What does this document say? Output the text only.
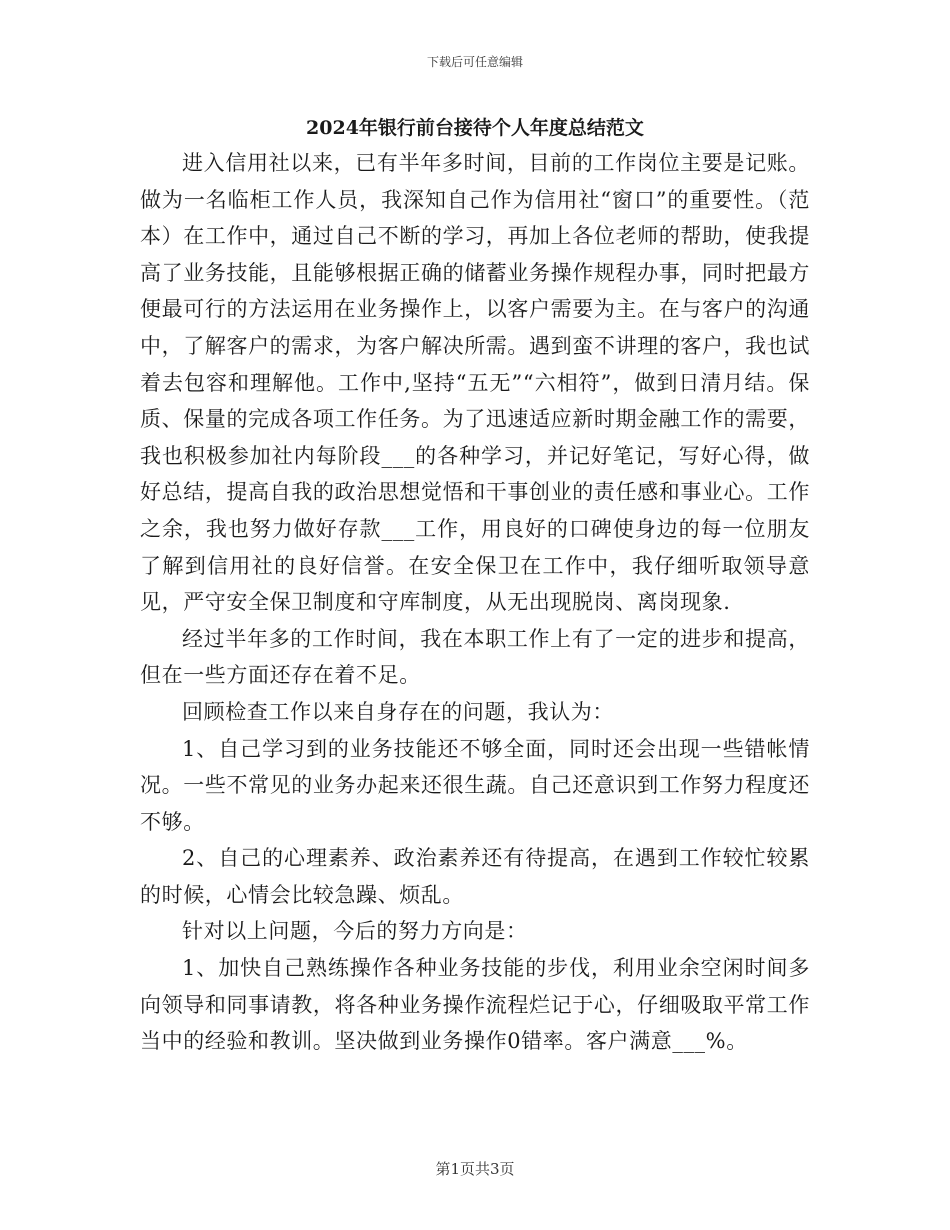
下载后可任意编辑
2024年银行前台接待个人年度总结范文

进入信用社以来，已有半年多时间，目前的工作岗位主要是记账。做为一名临柜工作人员，我深知自己作为信用社“窗口”的重要性。（范本）在工作中，通过自己不断的学习，再加上各位老师的帮助，使我提高了业务技能，且能够根据正确的储蓄业务操作规程办事，同时把最方便最可行的方法运用在业务操作上，以客户需要为主。在与客户的沟通中，了解客户的需求，为客户解决所需。遇到蛮不讲理的客户，我也试着去包容和理解他。工作中,坚持“五无”“六相符”，做到日清月结。保质、保量的完成各项工作任务。为了迅速适应新时期金融工作的需要，我也积极参加社内每阶段___的各种学习，并记好笔记，写好心得，做好总结，提高自我的政治思想觉悟和干事创业的责任感和事业心。工作之余，我也努力做好存款___工作，用良好的口碑使身边的每一位朋友了解到信用社的良好信誉。在安全保卫在工作中，我仔细听取领导意见，严守安全保卫制度和守库制度，从无出现脱岗、离岗现象.

经过半年多的工作时间，我在本职工作上有了一定的进步和提高，但在一些方面还存在着不足。

回顾检查工作以来自身存在的问题，我认为：

1、自己学习到的业务技能还不够全面，同时还会出现一些错帐情况。一些不常见的业务办起来还很生蔬。自己还意识到工作努力程度还不够。

2、自己的心理素养、政治素养还有待提高，在遇到工作较忙较累的时候，心情会比较急躁、烦乱。

针对以上问题，今后的努力方向是：

1、加快自己熟练操作各种业务技能的步伐，利用业余空闲时间多向领导和同事请教，将各种业务操作流程烂记于心，仔细吸取平常工作当中的经验和教训。坚决做到业务操作0错率。客户满意___%。

第1页共3页
